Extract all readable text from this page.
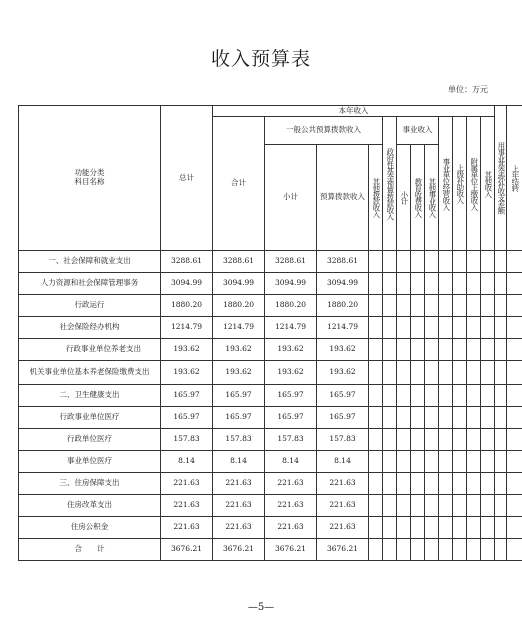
收入预算表
单位：万元
功能分类
科目名称	总计	本年收入												用事业基金弥补收支差额	上年结转
		合计	一般公共预算拨款收入			政府性基金预算拨款收入	事业收入			事业单位经营收入	上级补助收入	附属单位上缴收入	其他收入		
			小计	预算拨款收入	其他拨款收入		小计	教育收费收入	其他事业收入						

一、社会保障和就业支出	3288.61	3288.61	3288.61	3288.61											
人力资源和社会保障管理事务	3094.99	3094.99	3094.99	3094.99											
行政运行	1880.20	1880.20	1880.20	1880.20											
社会保险经办机构	1214.79	1214.79	1214.79	1214.79											
行政事业单位养老支出	193.62	193.62	193.62	193.62											
机关事业单位基本养老保险缴费支出	193.62	193.62	193.62	193.62											
二、卫生健康支出	165.97	165.97	165.97	165.97											
行政事业单位医疗	165.97	165.97	165.97	165.97											
行政单位医疗	157.83	157.83	157.83	157.83											
事业单位医疗	8.14	8.14	8.14	8.14											
三、住房保障支出	221.63	221.63	221.63	221.63											
住房改革支出	221.63	221.63	221.63	221.63											
住房公积金	221.63	221.63	221.63	221.63											
合　　计	3676.21	3676.21	3676.21	3676.21											
—5—
